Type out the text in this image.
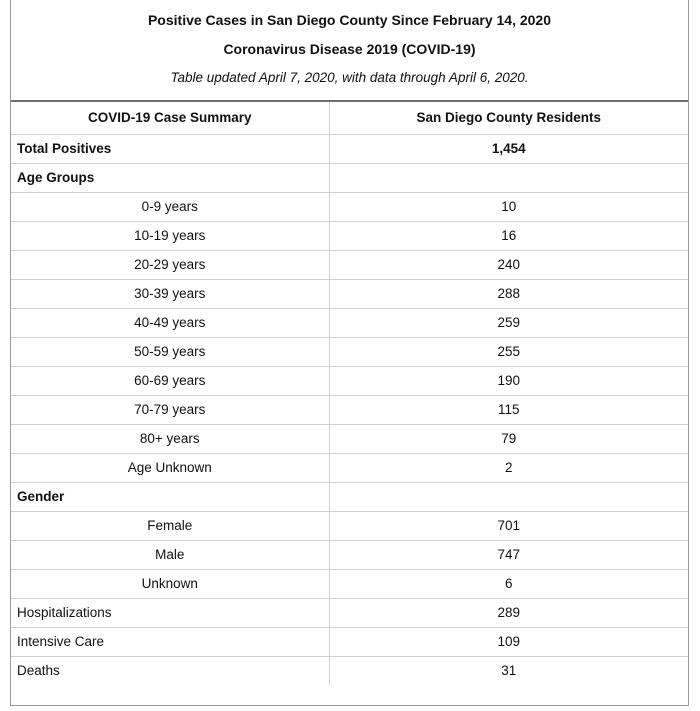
Positive Cases in San Diego County Since February 14, 2020
Coronavirus Disease 2019 (COVID-19)
Table updated April 7, 2020, with data through April 6, 2020.
COVID-19 Case Summary	San Diego County Residents
Total Positives	1,454
Age Groups	
0-9 years	10
10-19 years	16
20-29 years	240
30-39 years	288
40-49 years	259
50-59 years	255
60-69 years	190
70-79 years	115
80+ years	79
Age Unknown	2
Gender	
Female	701
Male	747
Unknown	6
Hospitalizations	289
Intensive Care	109
Deaths	31
